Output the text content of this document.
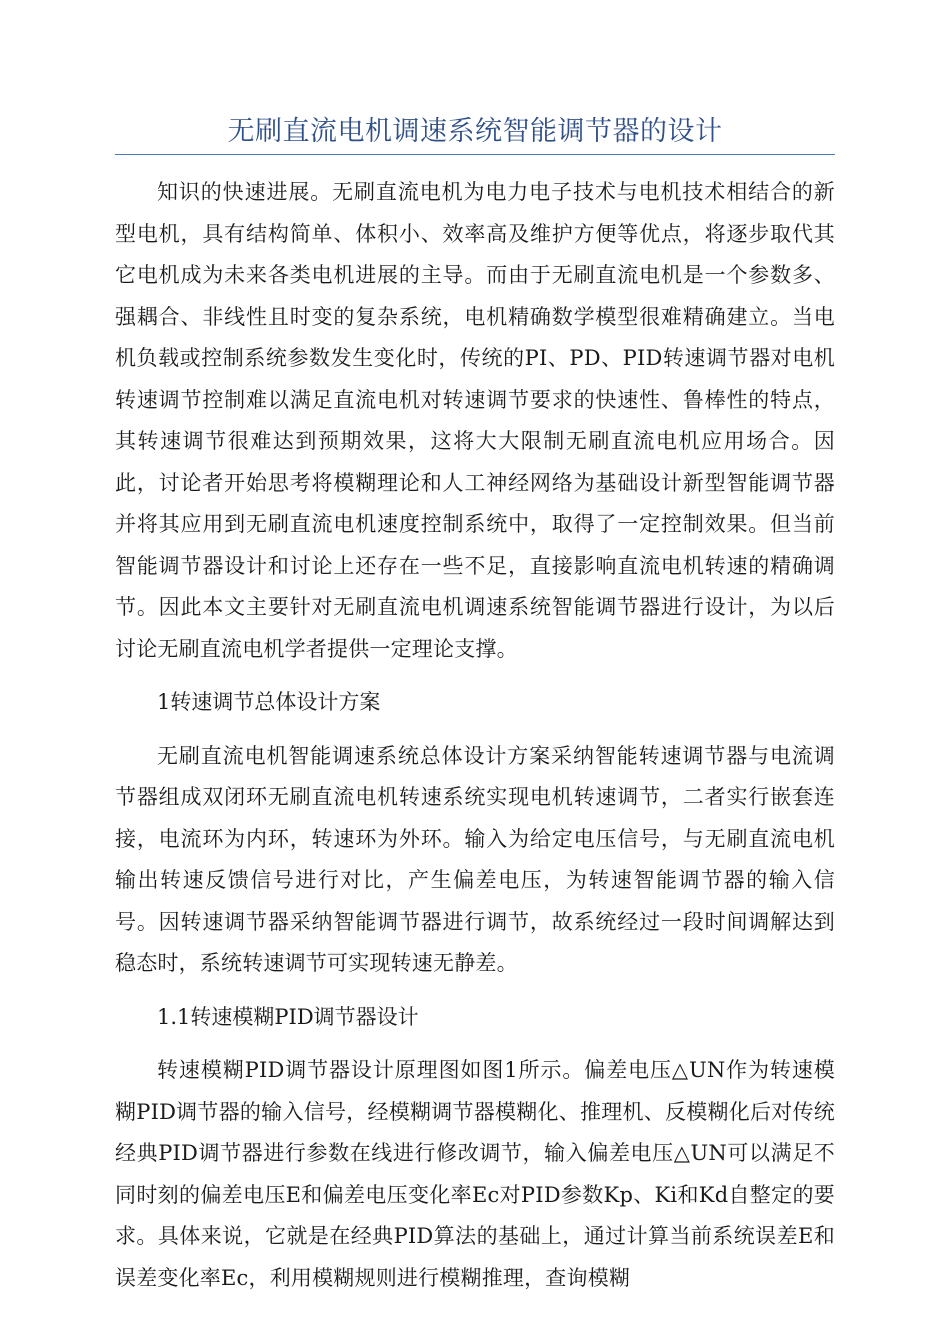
无刷直流电机调速系统智能调节器的设计

知识的快速进展。无刷直流电机为电力电子技术与电机技术相结合的新型电机，具有结构简单、体积小、效率高及维护方便等优点，将逐步取代其它电机成为未来各类电机进展的主导。而由于无刷直流电机是一个参数多、强耦合、非线性且时变的复杂系统，电机精确数学模型很难精确建立。当电机负载或控制系统参数发生变化时，传统的PI、PD、PID转速调节器对电机转速调节控制难以满足直流电机对转速调节要求的快速性、鲁棒性的特点，其转速调节很难达到预期效果，这将大大限制无刷直流电机应用场合。因此，讨论者开始思考将模糊理论和人工神经网络为基础设计新型智能调节器并将其应用到无刷直流电机速度控制系统中，取得了一定控制效果。但当前智能调节器设计和讨论上还存在一些不足，直接影响直流电机转速的精确调节。因此本文主要针对无刷直流电机调速系统智能调节器进行设计，为以后讨论无刷直流电机学者提供一定理论支撑。

1转速调节总体设计方案

无刷直流电机智能调速系统总体设计方案采纳智能转速调节器与电流调节器组成双闭环无刷直流电机转速系统实现电机转速调节，二者实行嵌套连接，电流环为内环，转速环为外环。输入为给定电压信号，与无刷直流电机输出转速反馈信号进行对比，产生偏差电压，为转速智能调节器的输入信号。因转速调节器采纳智能调节器进行调节，故系统经过一段时间调解达到稳态时，系统转速调节可实现转速无静差。

1.1转速模糊PID调节器设计

转速模糊PID调节器设计原理图如图1所示。偏差电压△UN作为转速模糊PID调节器的输入信号，经模糊调节器模糊化、推理机、反模糊化后对传统经典PID调节器进行参数在线进行修改调节，输入偏差电压△UN可以满足不同时刻的偏差电压E和偏差电压变化率Ec对PID参数Kp、Ki和Kd自整定的要求。具体来说，它就是在经典PID算法的基础上，通过计算当前系统误差E和误差变化率Ec，利用模糊规则进行模糊推理，查询模糊
